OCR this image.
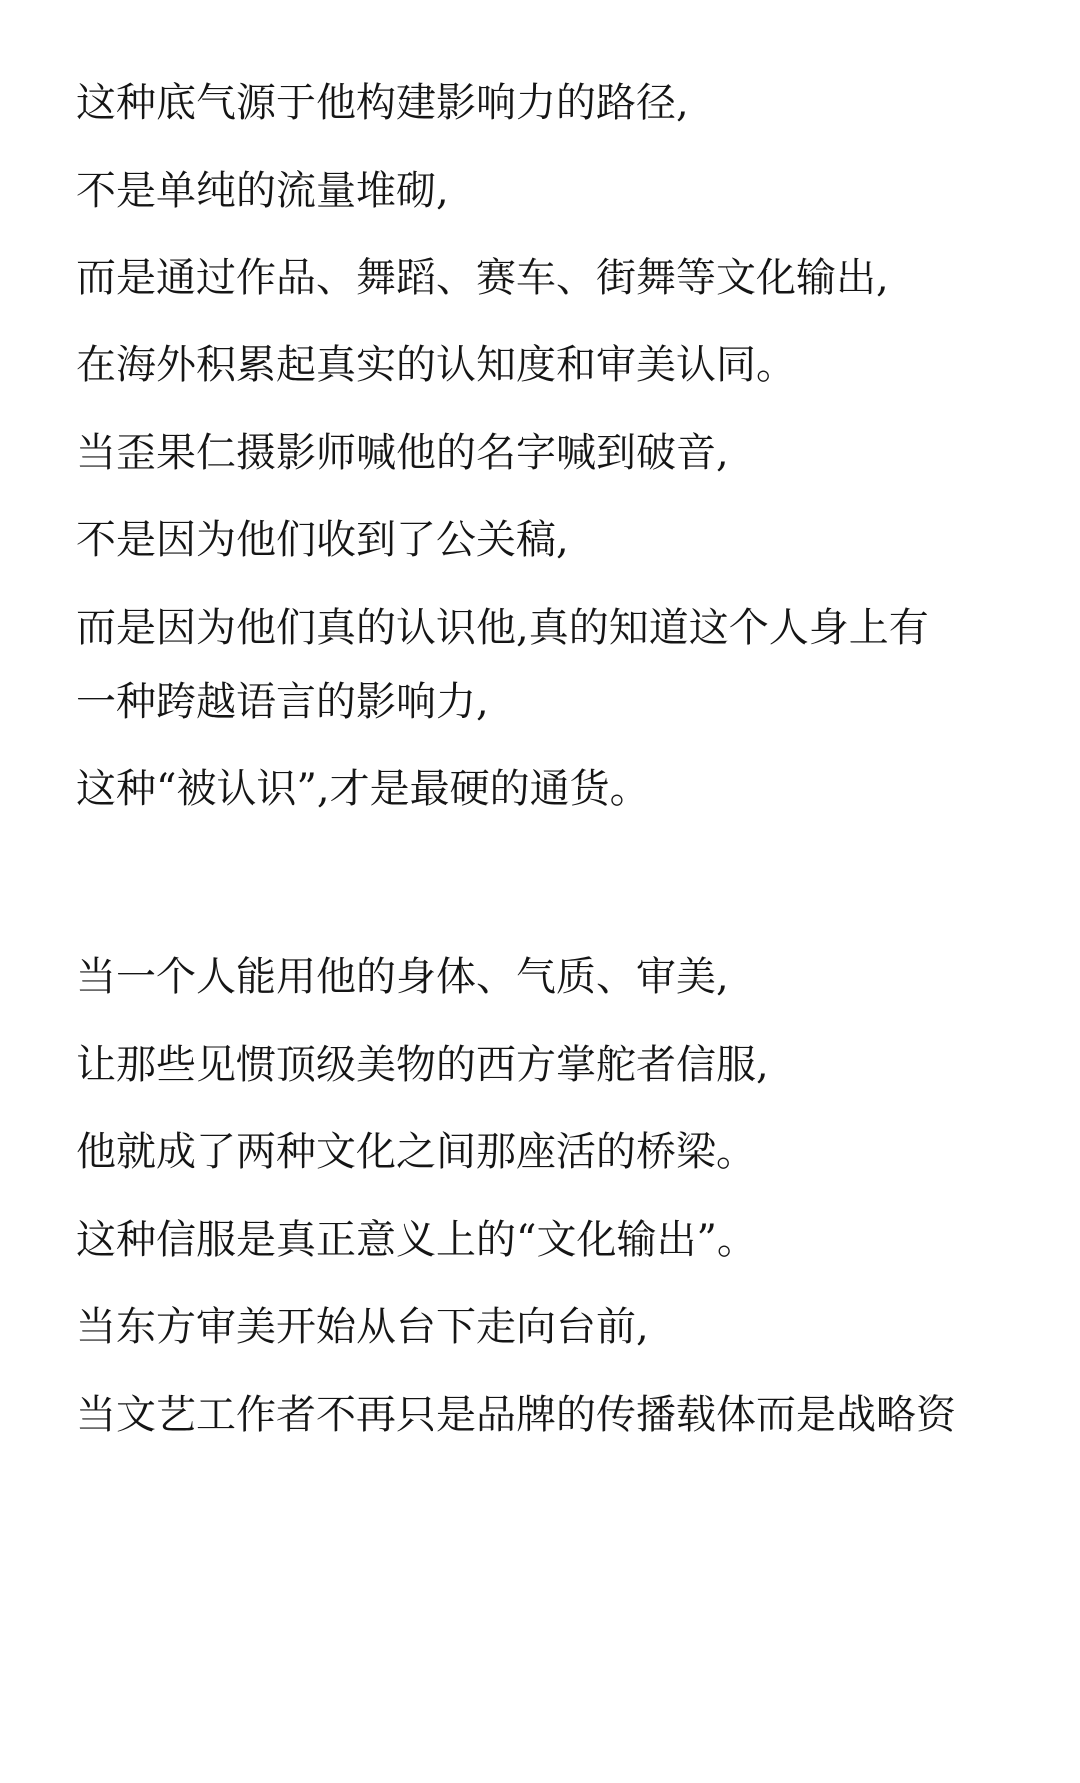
这种底气源于他构建影响力的路径,

不是单纯的流量堆砌,

而是通过作品、舞蹈、赛车、街舞等文化输出,

在海外积累起真实的认知度和审美认同。

当歪果仁摄影师喊他的名字喊到破音,

不是因为他们收到了公关稿,

而是因为他们真的认识他,真的知道这个人身上有

一种跨越语言的影响力,

这种“被认识”,才是最硬的通货。

当一个人能用他的身体、气质、审美,

让那些见惯顶级美物的西方掌舵者信服,

他就成了两种文化之间那座活的桥梁。

这种信服是真正意义上的“文化输出”。

当东方审美开始从台下走向台前,

当文艺工作者不再只是品牌的传播载体而是战略资
